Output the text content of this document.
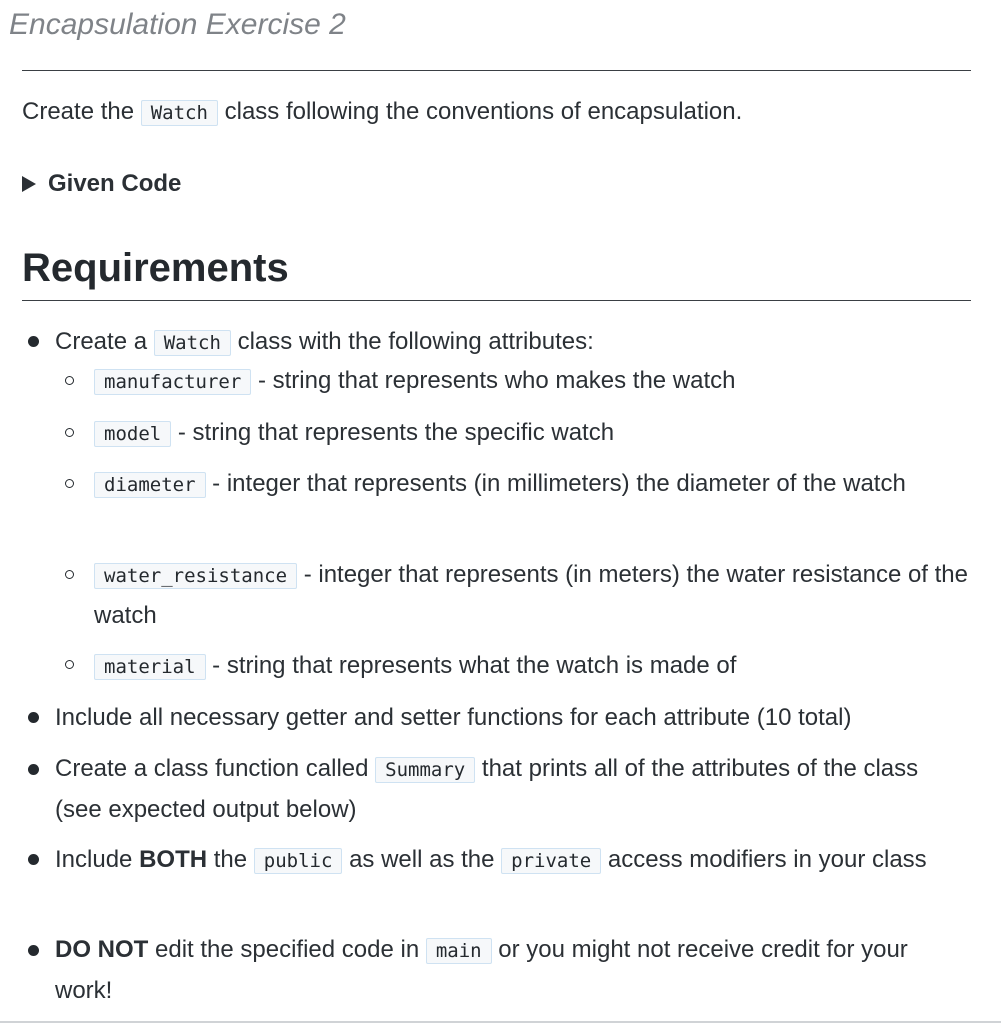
Encapsulation Exercise 2

Create the Watch class following the conventions of encapsulation.

Given Code
Requirements
Create a Watch class with the following attributes:
manufacturer - string that represents who makes the watch
model - string that represents the specific watch
diameter - integer that represents (in millimeters) the diameter of the watch
water_resistance - integer that represents (in meters) the water resistance of the watch
material - string that represents what the watch is made of
Include all necessary getter and setter functions for each attribute (10 total)
Create a class function called Summary that prints all of the attributes of the class (see expected output below)
Include BOTH the public as well as the private access modifiers in your class
DO NOT edit the specified code in main or you might not receive credit for your work!
